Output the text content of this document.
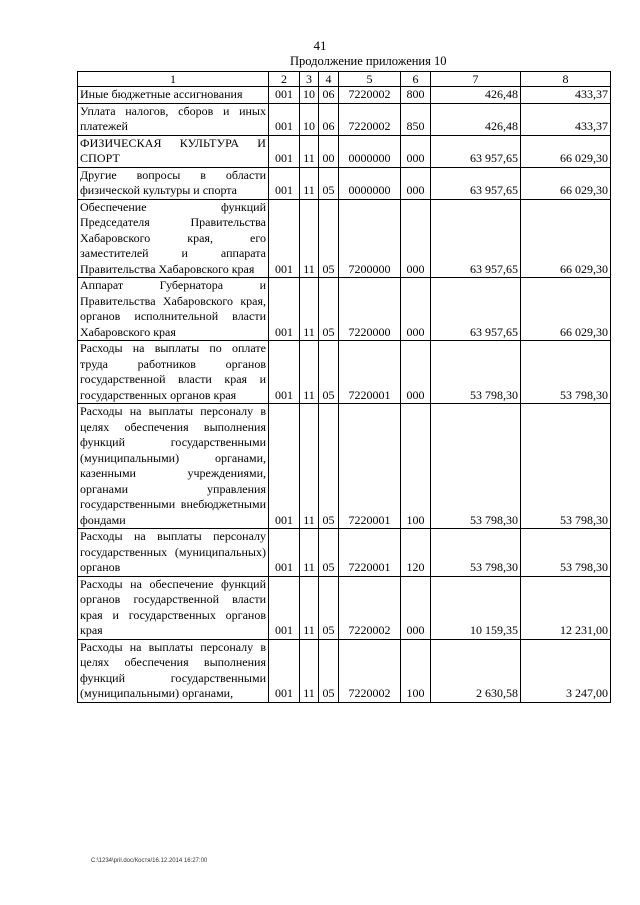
41
Продолжение приложения 10
1	2	3	4	5	6	7	8
Иные бюджетные ассигнования	001	10	06	7220002	800	426,48	433,37
Уплата налогов, сборов и иных платежей	001	10	06	7220002	850	426,48	433,37
ФИЗИЧЕСКАЯ КУЛЬТУРА И СПОРТ	001	11	00	0000000	000	63 957,65	66 029,30
Другие вопросы в области физической культуры и спорта	001	11	05	0000000	000	63 957,65	66 029,30
Обеспечение функций Председателя Правительства Хабаровского края, его заместителей и аппарата Правительства Хабаровского края	001	11	05	7200000	000	63 957,65	66 029,30
Аппарат Губернатора и Правительства Хабаровского края, органов исполнительной власти Хабаровского края	001	11	05	7220000	000	63 957,65	66 029,30
Расходы на выплаты по оплате труда работников органов государственной власти края и государственных органов края	001	11	05	7220001	000	53 798,30	53 798,30
Расходы на выплаты персоналу в целях обеспечения выполнения функций государственными (муниципальными) органами, казенными учреждениями, органами управления государственными внебюджетными фондами	001	11	05	7220001	100	53 798,30	53 798,30
Расходы на выплаты персоналу государственных (муниципальных) органов	001	11	05	7220001	120	53 798,30	53 798,30
Расходы на обеспечение функций органов государственной власти края и государственных органов края	001	11	05	7220002	000	10 159,35	12 231,00
Расходы на выплаты персоналу в целях обеспечения выполнения функций государственными (муниципальными) органами,	001	11	05	7220002	100	2 630,58	3 247,00
C:\1234\pril.doc/Костя/16.12.2014 16:27:00
